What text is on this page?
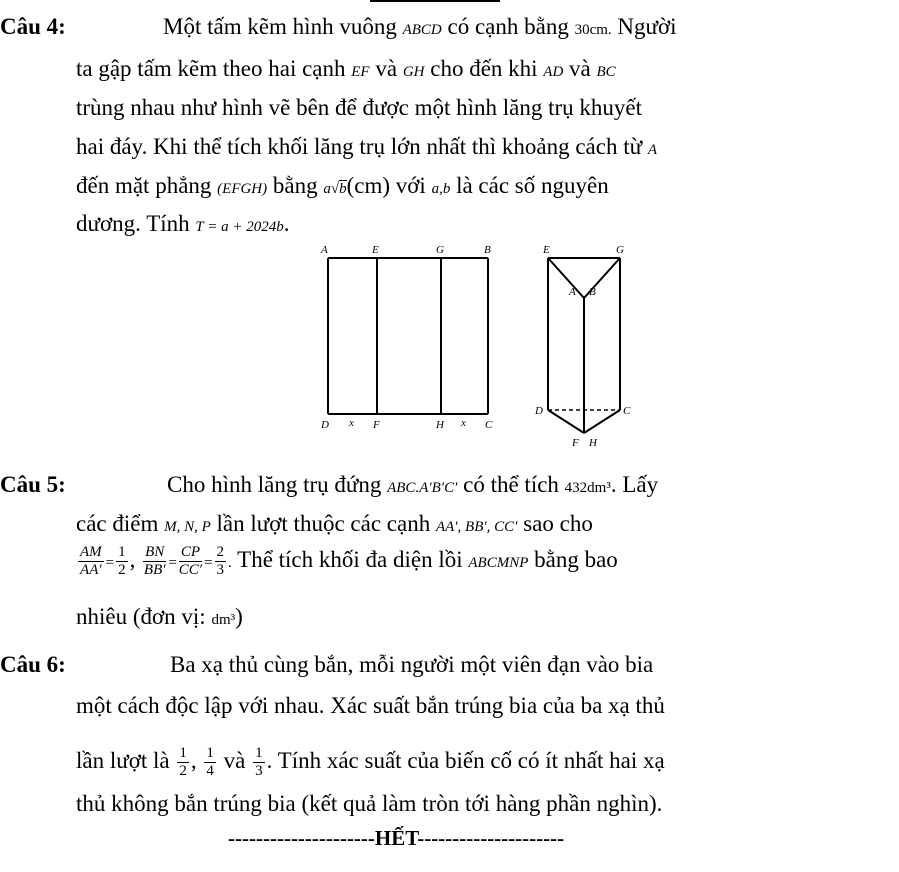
Câu 4:	Một tấm kẽm hình vuông ABCD có cạnh bằng 30cm. Người
ta gập tấm kẽm theo hai cạnh EF và GH cho đến khi AD và BC
trùng nhau như hình vẽ bên để được một hình lăng trụ khuyết
hai đáy. Khi thể tích khối lăng trụ lớn nhất thì khoảng cách từ A
đến mặt phẳng (EFGH) bằng a√b(cm) với a,b là các số nguyên
dương. Tính T = a + 2024b.
A	E	G	B
D x F	H x C
E	G
A B
D	C
F H
Câu 5:	Cho hình lăng trụ đứng ABC.A′B′C′ có thể tích 432dm³. Lấy
các điểm M, N, P lần lượt thuộc các cạnh AA′, BB′, CC′ sao cho
$\frac{AM}{AA'} = \frac{1}{2}$ , $\frac{BN}{BB'} = \frac{CP}{CC'} = \frac{2}{3}$ . Thể tích khối đa diện lồi ABCMNP bằng bao
nhiêu (đơn vị: dm³)
Câu 6:	Ba xạ thủ cùng bắn, mỗi người một viên đạn vào bia
một cách độc lập với nhau. Xác suất bắn trúng bia của ba xạ thủ
lần lượt là $\frac{1}{2}$ , $\frac{1}{4}$ và $\frac{1}{3}$ . Tính xác suất của biến cố có ít nhất hai xạ
thủ không bắn trúng bia (kết quả làm tròn tới hàng phần nghìn).
---------------------HẾT---------------------
